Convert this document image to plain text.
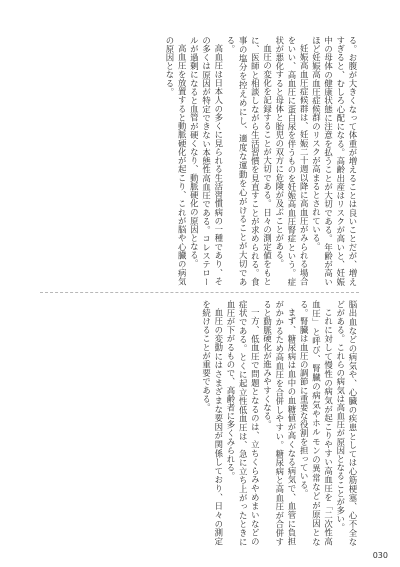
る。お腹が大きくなって体重が増えることは良いことだが、増えすぎると、むしろ心配になる。高齢出産はリスクが高いと、妊娠中の母体の健康状態に注意を払うことが大切である。年齢が高いほど妊娠高血圧症候群のリスクが高まるとされている。

妊娠高血圧症候群は、妊娠二十週以降に高血圧がみられる場合をいい、高血圧に蛋白尿を伴うものを妊娠高血圧腎症という。症状が悪化すると母体と胎児の双方に危険が及ぶことがある。

血圧の変化を記録することが大切である。日々の測定値をもとに、医師と相談しながら生活習慣を見直すことが求められる。食事の塩分を控えめにし、適度な運動を心がけることが大切である。

高血圧は日本人の多くに見られる生活習慣病の一種であり、その多くは原因が特定できない本態性高血圧である。コレステロールが過剰になると血管が硬くなり、動脈硬化の原因となる。

高血圧を放置すると動脈硬化が起こり、これが脳や心臓の病気の原因となる。

脳出血などの病気や、心臓の疾患としては心筋梗塞、心不全などがある。これらの病気は高血圧が原因となることが多い。

これに対して慢性の病気が起こりやすい高血圧を「二次性高血圧」と呼び、腎臓の病気やホルモンの異常などが原因となる。腎臓は血圧の調節に重要な役割を担っている。

まず、糖尿病は血中の血糖値が高くなる病気で、血管に負担がかかるため高血圧を合併しやすい。糖尿病と高血圧が合併すると動脈硬化が進みやすくなる。

一方、低血圧で問題となるのは、立ちくらみやめまいなどの症状である。とくに起立性低血圧は、急に立ち上がったときに血圧が下がるもので、高齢者に多くみられる。

血圧の変動にはさまざまな要因が関係しており、日々の測定を続けることが重要である。

030
